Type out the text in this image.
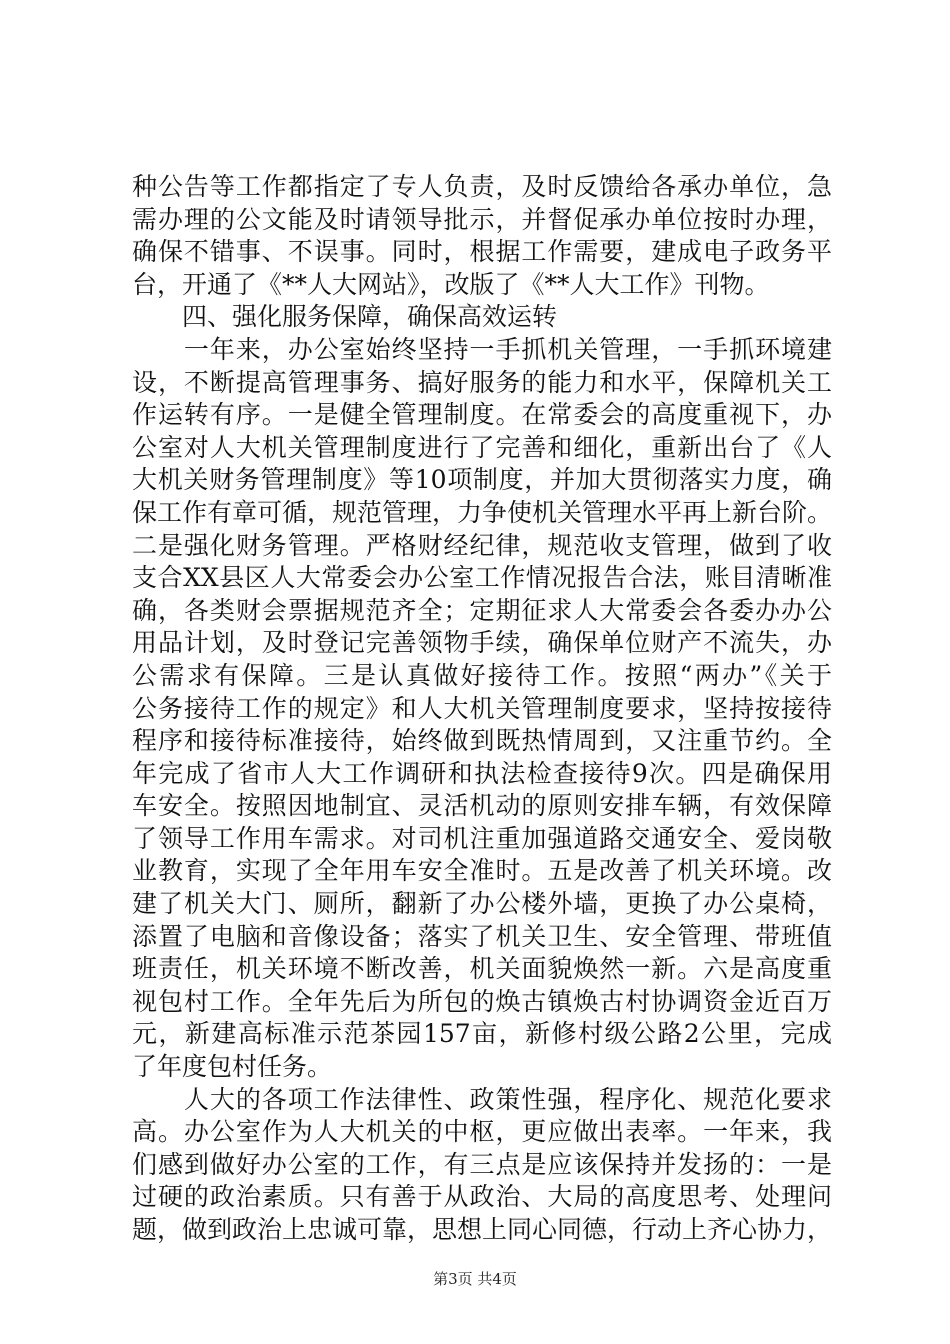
种公告等工作都指定了专人负责，及时反馈给各承办单位，急
需办理的公文能及时请领导批示，并督促承办单位按时办理，
确保不错事、不误事。同时，根据工作需要，建成电子政务平
台，开通了《**人大网站》，改版了《**人大工作》刊物。
　　四、强化服务保障，确保高效运转
　　一年来，办公室始终坚持一手抓机关管理，一手抓环境建
设，不断提高管理事务、搞好服务的能力和水平，保障机关工
作运转有序。一是健全管理制度。在常委会的高度重视下，办
公室对人大机关管理制度进行了完善和细化，重新出台了《人
大机关财务管理制度》等10项制度，并加大贯彻落实力度，确
保工作有章可循，规范管理，力争使机关管理水平再上新台阶。
二是强化财务管理。严格财经纪律，规范收支管理，做到了收
支合XX县区人大常委会办公室工作情况报告合法，账目清晰准
确，各类财会票据规范齐全；定期征求人大常委会各委办办公
用品计划，及时登记完善领物手续，确保单位财产不流失，办
公需求有保障。三是认真做好接待工作。按照“两办”《关于
公务接待工作的规定》和人大机关管理制度要求，坚持按接待
程序和接待标准接待，始终做到既热情周到，又注重节约。全
年完成了省市人大工作调研和执法检查接待9次。四是确保用
车安全。按照因地制宜、灵活机动的原则安排车辆，有效保障
了领导工作用车需求。对司机注重加强道路交通安全、爱岗敬
业教育，实现了全年用车安全准时。五是改善了机关环境。改
建了机关大门、厕所，翻新了办公楼外墙，更换了办公桌椅，
添置了电脑和音像设备；落实了机关卫生、安全管理、带班值
班责任，机关环境不断改善，机关面貌焕然一新。六是高度重
视包村工作。全年先后为所包的焕古镇焕古村协调资金近百万
元，新建高标准示范茶园157亩，新修村级公路2公里，完成
了年度包村任务。
　　人大的各项工作法律性、政策性强，程序化、规范化要求
高。办公室作为人大机关的中枢，更应做出表率。一年来，我
们感到做好办公室的工作，有三点是应该保持并发扬的：一是
过硬的政治素质。只有善于从政治、大局的高度思考、处理问
题，做到政治上忠诚可靠，思想上同心同德，行动上齐心协力，
第3页 共4页
